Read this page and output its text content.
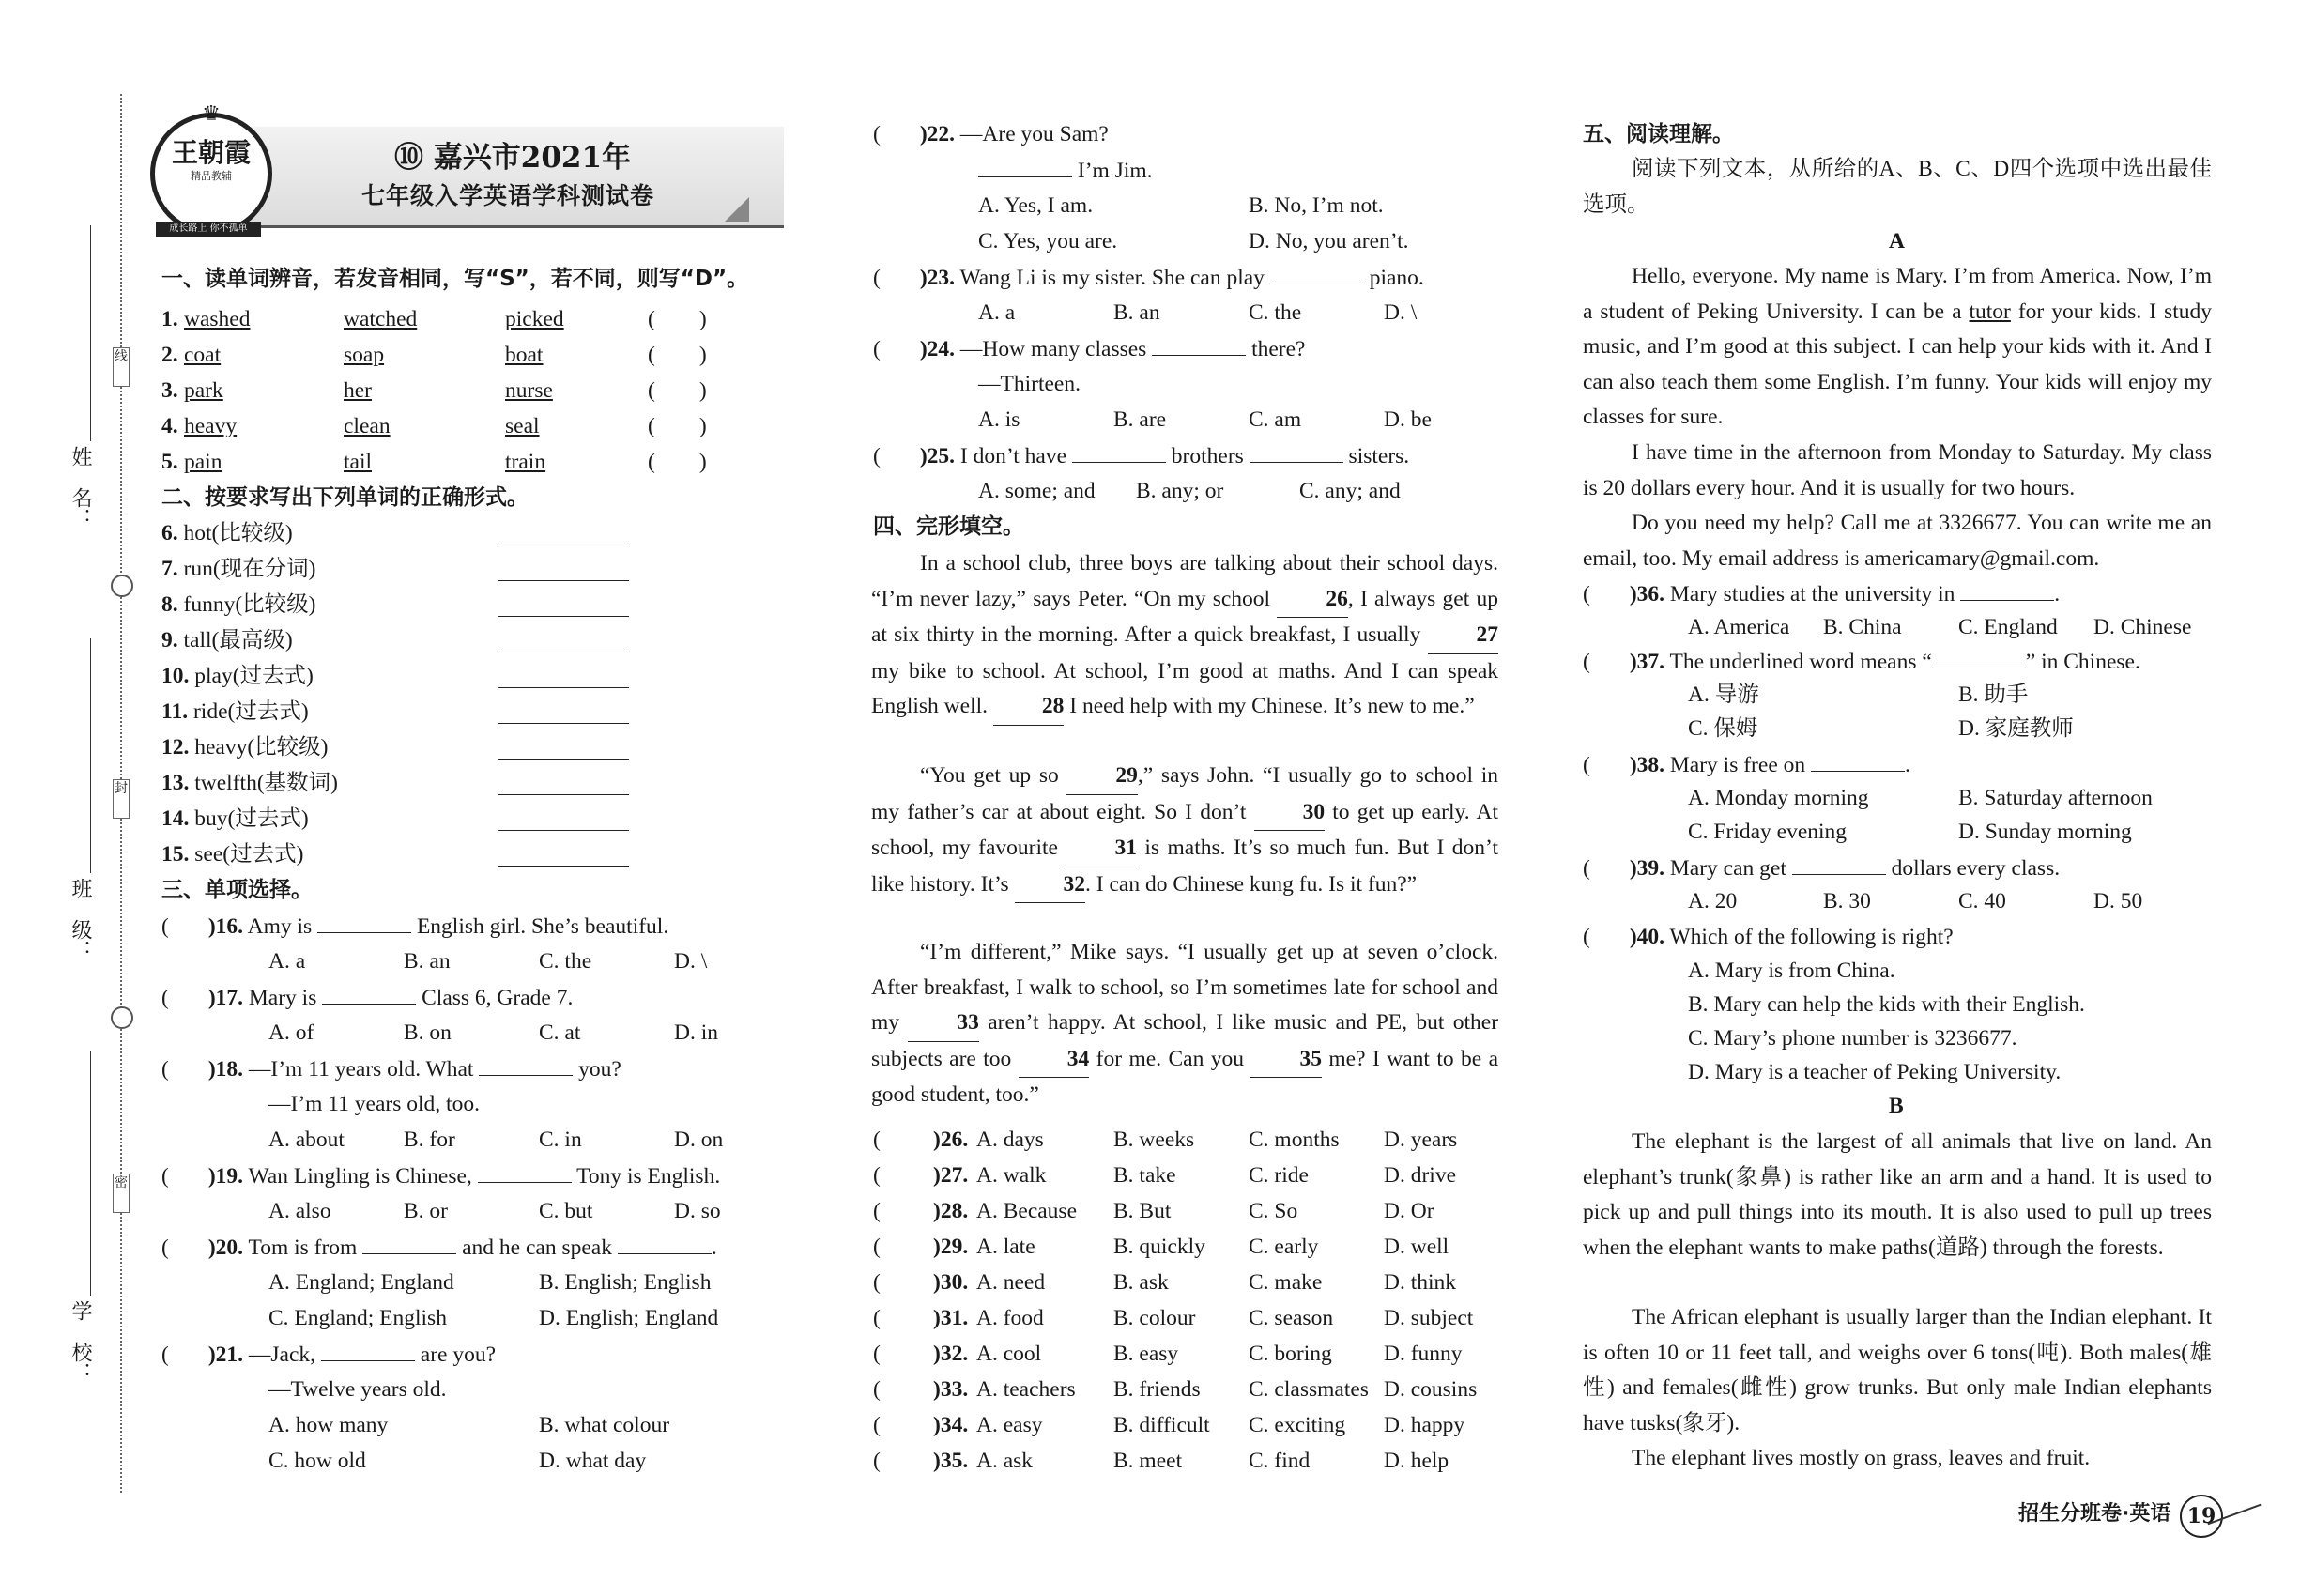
线
封
密
姓　名：
班　级：
学　校：
♛
王朝霞
精品教辅
成长路上 你不孤单
⑩ 嘉兴市2021年
七年级入学英语学科测试卷
一、读单词辨音，若发音相同，写“S”，若不同，则写“D”。
1. washed	watched	picked	(　　)
2. coat	soap	boat	(　　)
3. park	her	nurse	(　　)
4. heavy	clean	seal	(　　)
5. pain	tail	train	(　　)
二、按要求写出下列单词的正确形式。
6. hot(比较级)
7. run(现在分词)
8. funny(比较级)
9. tall(最高级)
10. play(过去式)
11. ride(过去式)
12. heavy(比较级)
13. twelfth(基数词)
14. buy(过去式)
15. see(过去式)
三、单项选择。
( )16. Amy is	English girl. She’s beautiful.
A. a	B. an	C. the	D. \
( )17. Mary is	Class 6, Grade 7.
A. of	B. on	C. at	D. in
( )18. —I’m 11 years old. What	you?
—I’m 11 years old, too.
A. about	B. for	C. in	D. on
( )19. Wan Lingling is Chinese,	Tony is English.
A. also	B. or	C. but	D. so
( )20. Tom is from	and he can speak	.
A. England; England	B. English; English
C. England; English	D. English; England
( )21. —Jack,	are you?
—Twelve years old.
A. how many	B. what colour
C. how old	D. what day
( )22. —Are you Sam?
I’m Jim.
A. Yes, I am.	B. No, I’m not.
C. Yes, you are.	D. No, you aren’t.
( )23. Wang Li is my sister. She can play	piano.
A. a	B. an	C. the	D. \
( )24. —How many classes	there?
—Thirteen.
A. is	B. are	C. am	D. be
( )25. I don’t have	brothers	sisters.
A. some; and B. any; or	C. any; and
四、完形填空。
In a school club, three boys are talking about their school days. “I’m never lazy,” says Peter. “On my school	26, I always get up at six thirty in the morning. After a quick breakfast, I usually	27 my bike to school. At school, I’m good at maths. And I can speak English well. 28 I need help with my Chinese. It’s new to me.”
“You get up so	29,” says John. “I usually go to school in my father’s car at about eight. So I don’t	30 to get up early. At school, my favourite	31 is maths. It’s so much fun. But I don’t like history. It’s 32. I can do Chinese kung fu. Is it fun?”
“I’m different,” Mike says. “I usually get up at seven o’clock. After breakfast, I walk to school, so I’m sometimes late for school and my	33 aren’t happy. At school, I like music and PE, but other subjects are too	34 for me. Can you	35 me? I want to be a good student, too.”
( )26. A. days	B. weeks C. months D. years
( )27. A. walk	B. take	C. ride	D. drive
( )28. A. Because B. But	C. So	D. Or
( )29. A. late	B. quickly C. early	D. well
( )30. A. need	B. ask	C. make	D. think
( )31. A. food	B. colour C. season D. subject
( )32. A. cool	B. easy	C. boring D. funny
( )33. A. teachers B. friends C. classmates D. cousins
( )34. A. easy	B. difficult C. exciting D. happy
( )35. A. ask	B. meet	C. find	D. help
五、阅读理解。
阅读下列文本，从所给的A、B、C、D四个选项中选出最佳选项。
A
Hello, everyone. My name is Mary. I’m from America. Now, I’m a student of Peking University. I can be a tutor for your kids. I study music, and I’m good at this subject. I can help your kids with it. And I can also teach them some English. I’m funny. Your kids will enjoy my classes for sure.
I have time in the afternoon from Monday to Saturday. My class is 20 dollars every hour. And it is usually for two hours.
Do you need my help? Call me at 3326677. You can write me an email, too. My email address is americamary@gmail.com.
( )36. Mary studies at the university in	.
A. America B. China	C. England D. Chinese
( )37. The underlined word means “	” in Chinese.
A. 导游	B. 助手
C. 保姆	D. 家庭教师
( )38. Mary is free on	.
A. Monday morning	B. Saturday afternoon
C. Friday evening	D. Sunday morning
( )39. Mary can get	dollars every class.
A. 20	B. 30	C. 40	D. 50
( )40. Which of the following is right?
A. Mary is from China.
B. Mary can help the kids with their English.
C. Mary’s phone number is 3236677.
D. Mary is a teacher of Peking University.
B
The elephant is the largest of all animals that live on land. An elephant’s trunk(象鼻) is rather like an arm and a hand. It is used to pick up and pull things into its mouth. It is also used to pull up trees when the elephant wants to make paths(道路) through the forests.
The African elephant is usually larger than the Indian elephant. It is often 10 or 11 feet tall, and weighs over 6 tons(吨). Both males(雄性) and females(雌性) grow trunks. But only male Indian elephants have tusks(象牙).
The elephant lives mostly on grass, leaves and fruit.
招生分班卷·英语 19
